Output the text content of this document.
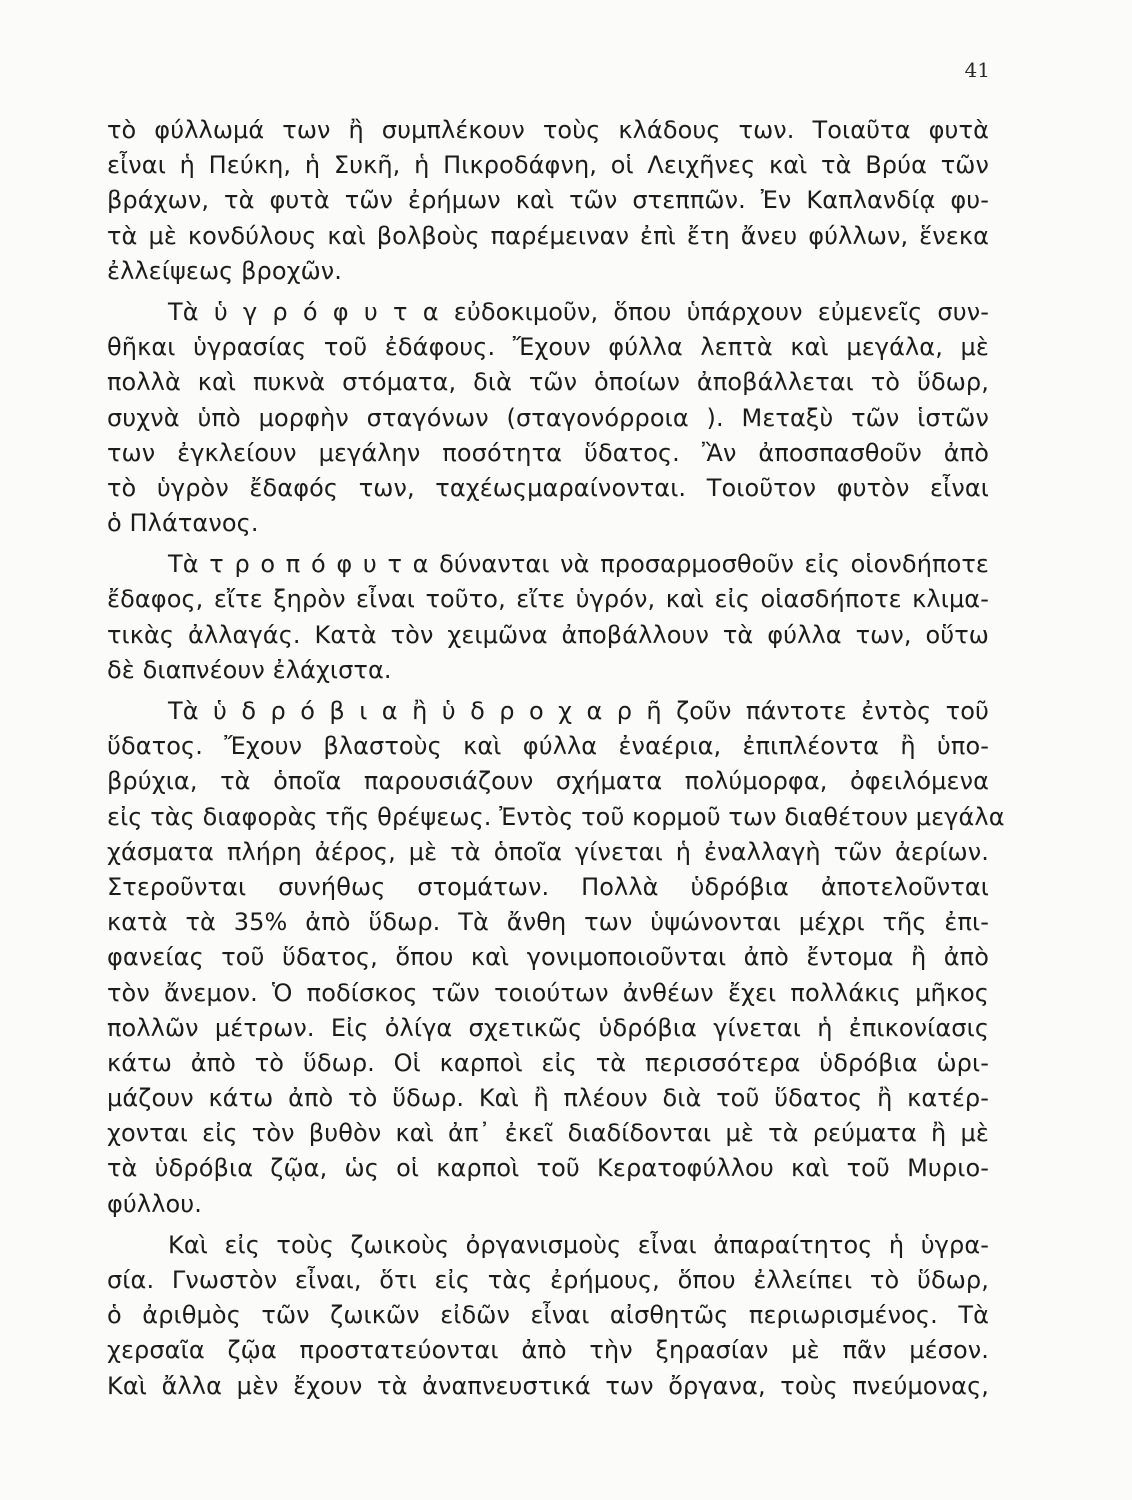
41
τὸ φύλλωμά των ἢ συμπλέκουν τοὺς κλάδους των. Τοιαῦτα φυτὰ
εἶναι ἡ Πεύκη, ἡ Συκῆ, ἡ Πικροδάφνη, οἱ Λειχῆνες καὶ τὰ Βρύα τῶν
βράχων, τὰ φυτὰ τῶν ἐρήμων καὶ τῶν στεππῶν. Ἐν Καπλανδίᾳ φυ-
τὰ μὲ κονδύλους καὶ βολβοὺς παρέμειναν ἐπὶ ἔτη ἄνευ φύλλων, ἕνεκα
ἐλλείψεως βροχῶν.
Τὰ ὑ γ ρ ό φ υ τ α εὐδοκιμοῦν, ὅπου ὑπάρχουν εὐμενεῖς συν-
θῆκαι ὑγρασίας τοῦ ἐδάφους. Ἔχουν φύλλα λεπτὰ καὶ μεγάλα, μὲ
πολλὰ καὶ πυκνὰ στόματα, διὰ τῶν ὁποίων ἀποβάλλεται τὸ ὕδωρ,
συχνὰ ὑπὸ μορφὴν σταγόνων (σταγονόρροια ). Μεταξὺ τῶν ἱστῶν
των ἐγκλείουν μεγάλην ποσότητα ὕδατος. Ἂν ἀποσπασθοῦν ἀπὸ
τὸ ὑγρὸν ἔδαφός των, ταχέωςμαραίνονται. Τοιοῦτον φυτὸν εἶναι
ὁ Πλάτανος.
Τὰ τ ρ ο π ό φ υ τ α δύνανται νὰ προσαρμοσθοῦν εἰς οἱονδήποτε
ἔδαφος, εἴτε ξηρὸν εἶναι τοῦτο, εἴτε ὑγρόν, καὶ εἰς οἱασδήποτε κλιμα-
τικὰς ἀλλαγάς. Κατὰ τὸν χειμῶνα ἀποβάλλουν τὰ φύλλα των, οὕτω
δὲ διαπνέουν ἐλάχιστα.
Τὰ ὑ δ ρ ό β ι α ἢ ὑ δ ρ ο χ α ρ ῆ ζοῦν πάντοτε ἐντὸς τοῦ
ὕδατος. Ἔχουν βλαστοὺς καὶ φύλλα ἐναέρια, ἐπιπλέοντα ἢ ὑπο-
βρύχια, τὰ ὁποῖα παρουσιάζουν σχήματα πολύμορφα, ὀφειλόμενα
εἰς τὰς διαφορὰς τῆς θρέψεως. Ἐντὸς τοῦ κορμοῦ των διαθέτουν μεγάλα
χάσματα πλήρη ἀέρος, μὲ τὰ ὁποῖα γίνεται ἡ ἐναλλαγὴ τῶν ἀερίων.
Στεροῦνται συνήθως στομάτων. Πολλὰ ὑδρόβια ἀποτελοῦνται
κατὰ τὰ 35% ἀπὸ ὕδωρ. Τὰ ἄνθη των ὑψώνονται μέχρι τῆς ἐπι-
φανείας τοῦ ὕδατος, ὅπου καὶ γονιμοποιοῦνται ἀπὸ ἔντομα ἢ ἀπὸ
τὸν ἄνεμον. Ὁ ποδίσκος τῶν τοιούτων ἀνθέων ἔχει πολλάκις μῆκος
πολλῶν μέτρων. Εἰς ὀλίγα σχετικῶς ὑδρόβια γίνεται ἡ ἐπικονίασις
κάτω ἀπὸ τὸ ὕδωρ. Οἱ καρποὶ εἰς τὰ περισσότερα ὑδρόβια ὡρι-
μάζουν κάτω ἀπὸ τὸ ὕδωρ. Καὶ ἢ πλέουν διὰ τοῦ ὕδατος ἢ κατέρ-
χονται εἰς τὸν βυθὸν καὶ ἀπ᾿ ἐκεῖ διαδίδονται μὲ τὰ ρεύματα ἢ μὲ
τὰ ὑδρόβια ζῷα, ὡς οἱ καρποὶ τοῦ Κερατοφύλλου καὶ τοῦ Μυριο-
φύλλου.
Καὶ εἰς τοὺς ζωικοὺς ὀργανισμοὺς εἶναι ἀπαραίτητος ἡ ὑγρα-
σία. Γνωστὸν εἶναι, ὅτι εἰς τὰς ἐρήμους, ὅπου ἐλλείπει τὸ ὕδωρ,
ὁ ἀριθμὸς τῶν ζωικῶν εἰδῶν εἶναι αἰσθητῶς περιωρισμένος. Τὰ
χερσαῖα ζῷα προστατεύονται ἀπὸ τὴν ξηρασίαν μὲ πᾶν μέσον.
Καὶ ἄλλα μὲν ἔχουν τὰ ἀναπνευστικά των ὄργανα, τοὺς πνεύμονας,
